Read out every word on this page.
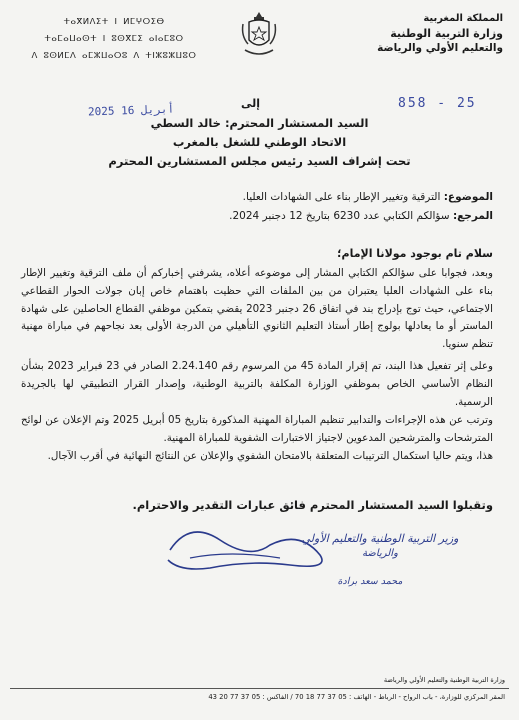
المملكة المغربية
وزارة التربية الوطنية
والتعليم الأولي والرياضة
ⵜⴰⴳⵍⴷⵉⵜ ⵏ ⵍⵎⵖⵔⵉⴱ
ⵜⴰⵎⴰⵡⴰⵙⵜ ⵏ ⵓⵙⴳⵎⵉ ⴰⵏⴰⵎⵓⵔ
ⴷ ⵓⵙⵍⵎⴷ ⴰⵎⵣⵡⴰⵔⵓ ⴷ ⵜⵏⵣⵓⵣⵡⵓⵔ
2025 أبريل 16	858 - 25
إلى
السيد المستشار المحترم: خالد السطي
الاتحاد الوطني للشغل بالمغرب
تحت إشراف السيد رئيس مجلس المستشارين المحترم
الموضوع: الترقية وتغيير الإطار بناء على الشهادات العليا.
المرجع: سؤالكم الكتابي عدد 6230 بتاريخ 12 دجنبر 2024.
سلام تام بوجود مولانا الإمام؛
وبعد، فجوابا على سؤالكم الكتابي المشار إلى موضوعه أعلاه، يشرفني إخباركم أن ملف الترقية وتغيير الإطار بناء على الشهادات العليا يعتبران من بين الملفات التي حظيت باهتمام خاص إبان جولات الحوار القطاعي الاجتماعي، حيث توج بإدراج بند في اتفاق 26 دجنبر 2023 يقضي بتمكين موظفي القطاع الحاصلين على شهادة الماستر أو ما يعادلها بولوج إطار أستاذ التعليم الثانوي التأهيلي من الدرجة الأولى بعد نجاحهم في مباراة مهنية تنظم سنويا.
وعلى إثر تفعيل هذا البند، تم إقرار المادة 45 من المرسوم رقم 2.24.140 الصادر في 23 فبراير 2023 بشأن النظام الأساسي الخاص بموظفي الوزارة المكلفة بالتربية الوطنية، وإصدار القرار التطبيقي لها بالجريدة الرسمية.
وترتب عن هذه الإجراءات والتدابير تنظيم المباراة المهنية المذكورة بتاريخ 05 أبريل 2025 وتم الإعلان عن لوائح المترشحات والمترشحين المدعوين لاجتياز الاختبارات الشفوية للمباراة المهنية.
هذا، ويتم حاليا استكمال الترتيبات المتعلقة بالامتحان الشفوي والإعلان عن النتائج النهائية في أقرب الآجال.
وتقبلوا السيد المستشار المحترم فائق عبارات التقدير والاحترام.
وزير التربية الوطنية والتعليم الأولي
والرياضة
محمد سعد برادة
وزارة التربية الوطنية والتعليم الأولي والرياضة
المقر المركزي للوزارة، - باب الرواح - الرباط - الهاتف : 05 37 77 18 70 / الفاكس : 05 37 77 20 43
